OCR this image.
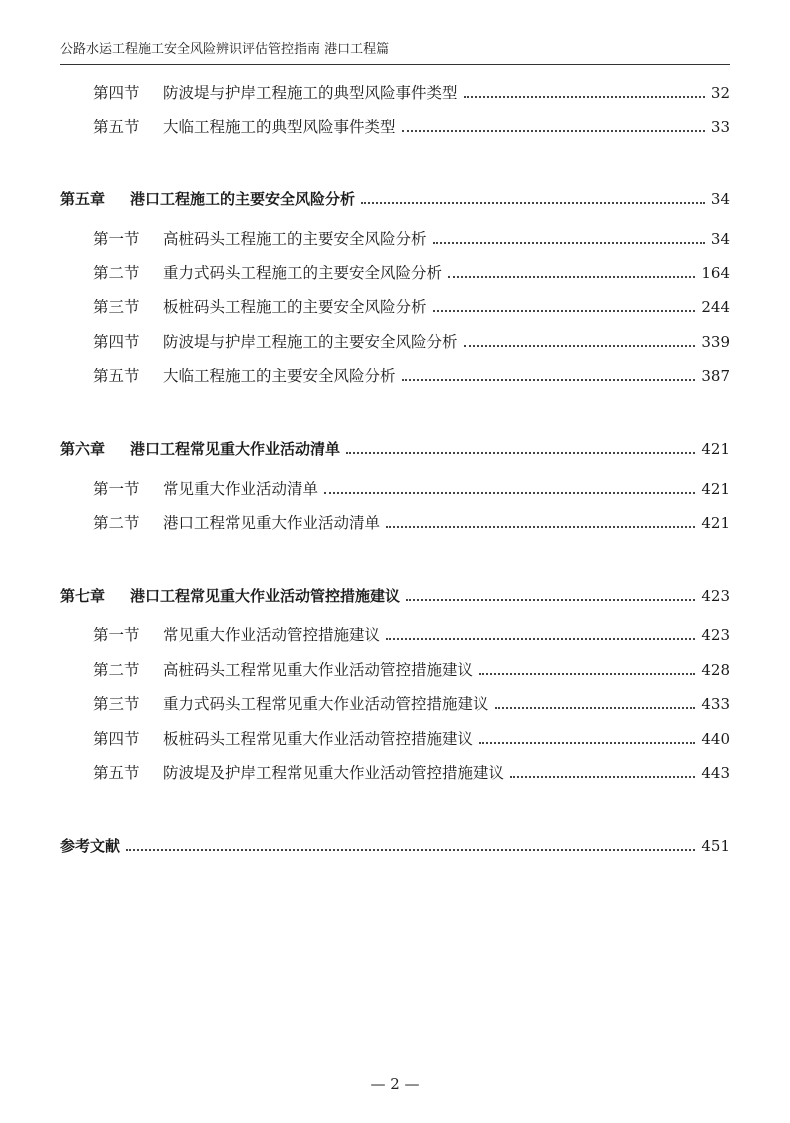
公路水运工程施工安全风险辨识评估管控指南 港口工程篇
第四节	防波堤与护岸工程施工的典型风险事件类型	32
第五节	大临工程施工的典型风险事件类型	33
第五章	港口工程施工的主要安全风险分析	34
第一节	高桩码头工程施工的主要安全风险分析	34
第二节	重力式码头工程施工的主要安全风险分析	164
第三节	板桩码头工程施工的主要安全风险分析	244
第四节	防波堤与护岸工程施工的主要安全风险分析	339
第五节	大临工程施工的主要安全风险分析	387
第六章	港口工程常见重大作业活动清单	421
第一节	常见重大作业活动清单	421
第二节	港口工程常见重大作业活动清单	421
第七章	港口工程常见重大作业活动管控措施建议	423
第一节	常见重大作业活动管控措施建议	423
第二节	高桩码头工程常见重大作业活动管控措施建议	428
第三节	重力式码头工程常见重大作业活动管控措施建议	433
第四节	板桩码头工程常见重大作业活动管控措施建议	440
第五节	防波堤及护岸工程常见重大作业活动管控措施建议	443
参考文献	451
— 2 —
